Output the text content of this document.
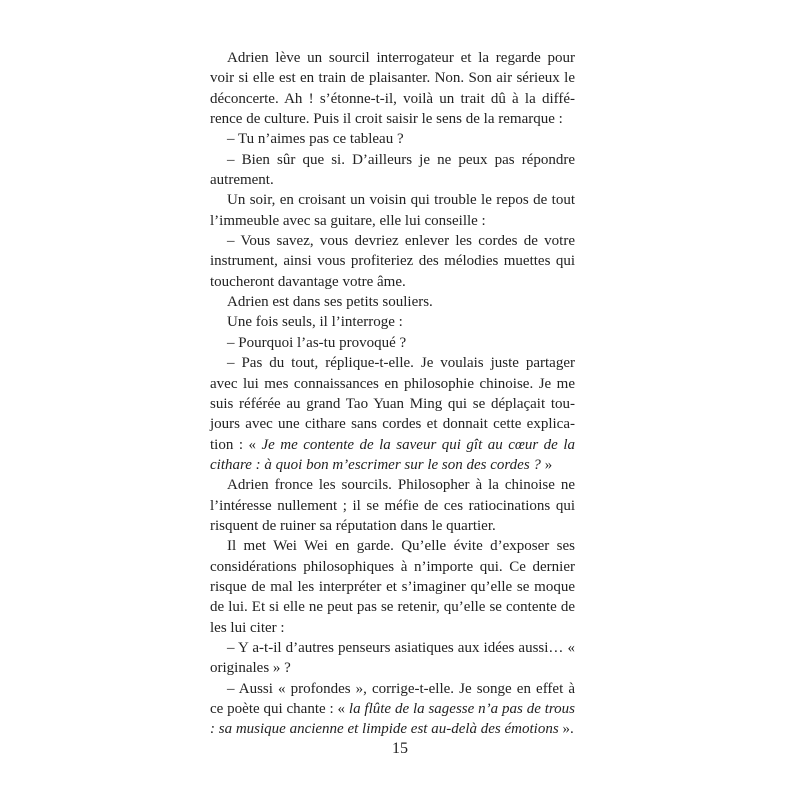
Adrien lève un sourcil interrogateur et la regarde pour voir si elle est en train de plaisanter. Non. Son air sérieux le déconcerte. Ah ! s’étonne-t-il, voilà un trait dû à la différence de culture. Puis il croit saisir le sens de la remarque :

– Tu n’aimes pas ce tableau ?

– Bien sûr que si. D’ailleurs je ne peux pas répondre autrement.

Un soir, en croisant un voisin qui trouble le repos de tout l’immeuble avec sa guitare, elle lui conseille :

– Vous savez, vous devriez enlever les cordes de votre instrument, ainsi vous profiteriez des mélodies muettes qui toucheront davantage votre âme.

Adrien est dans ses petits souliers.

Une fois seuls, il l’interroge :

– Pourquoi l’as-tu provoqué ?

– Pas du tout, réplique-t-elle. Je voulais juste partager avec lui mes connaissances en philosophie chinoise. Je me suis référée au grand Tao Yuan Ming qui se déplaçait toujours avec une cithare sans cordes et donnait cette explication : « Je me contente de la saveur qui gît au cœur de la cithare : à quoi bon m’escrimer sur le son des cordes ? »

Adrien fronce les sourcils. Philosopher à la chinoise ne l’intéresse nullement ; il se méfie de ces ratiocinations qui risquent de ruiner sa réputation dans le quartier.

Il met Wei Wei en garde. Qu’elle évite d’exposer ses considérations philosophiques à n’importe qui. Ce dernier risque de mal les interpréter et s’imaginer qu’elle se moque de lui. Et si elle ne peut pas se retenir, qu’elle se contente de les lui citer :

– Y a-t-il d’autres penseurs asiatiques aux idées aussi… « originales » ?

– Aussi « profondes », corrige-t-elle. Je songe en effet à ce poète qui chante : « la flûte de la sagesse n’a pas de trous : sa musique ancienne et limpide est au-delà des émotions ».

15
